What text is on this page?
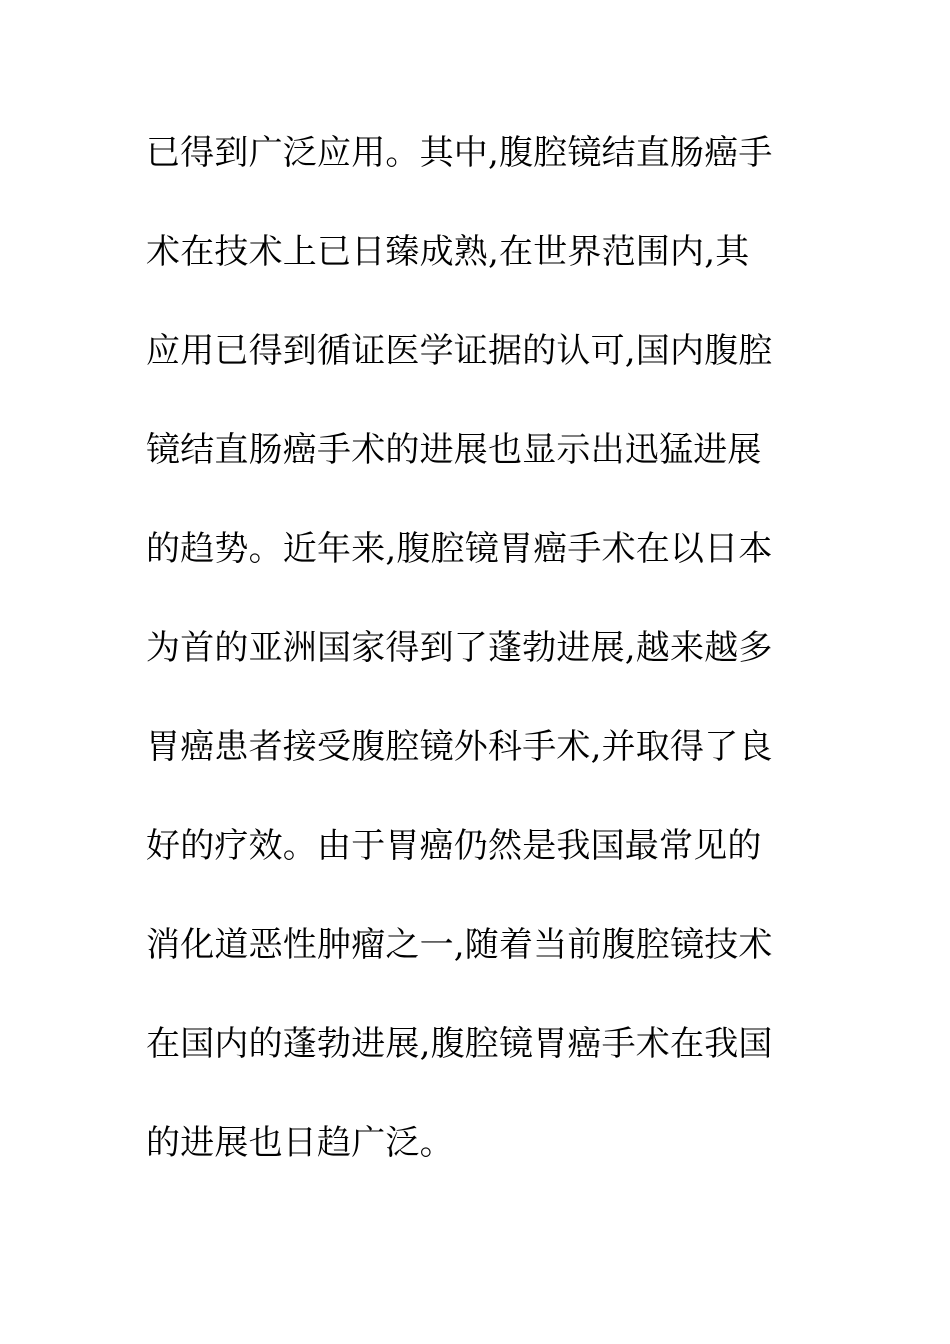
已得到广泛应用。其中,腹腔镜结直肠癌手
术在技术上已日臻成熟,在世界范围内,其
应用已得到循证医学证据的认可,国内腹腔
镜结直肠癌手术的进展也显示出迅猛进展
的趋势。近年来,腹腔镜胃癌手术在以日本
为首的亚洲国家得到了蓬勃进展,越来越多
胃癌患者接受腹腔镜外科手术,并取得了良
好的疗效。由于胃癌仍然是我国最常见的
消化道恶性肿瘤之一,随着当前腹腔镜技术
在国内的蓬勃进展,腹腔镜胃癌手术在我国
的进展也日趋广泛。
